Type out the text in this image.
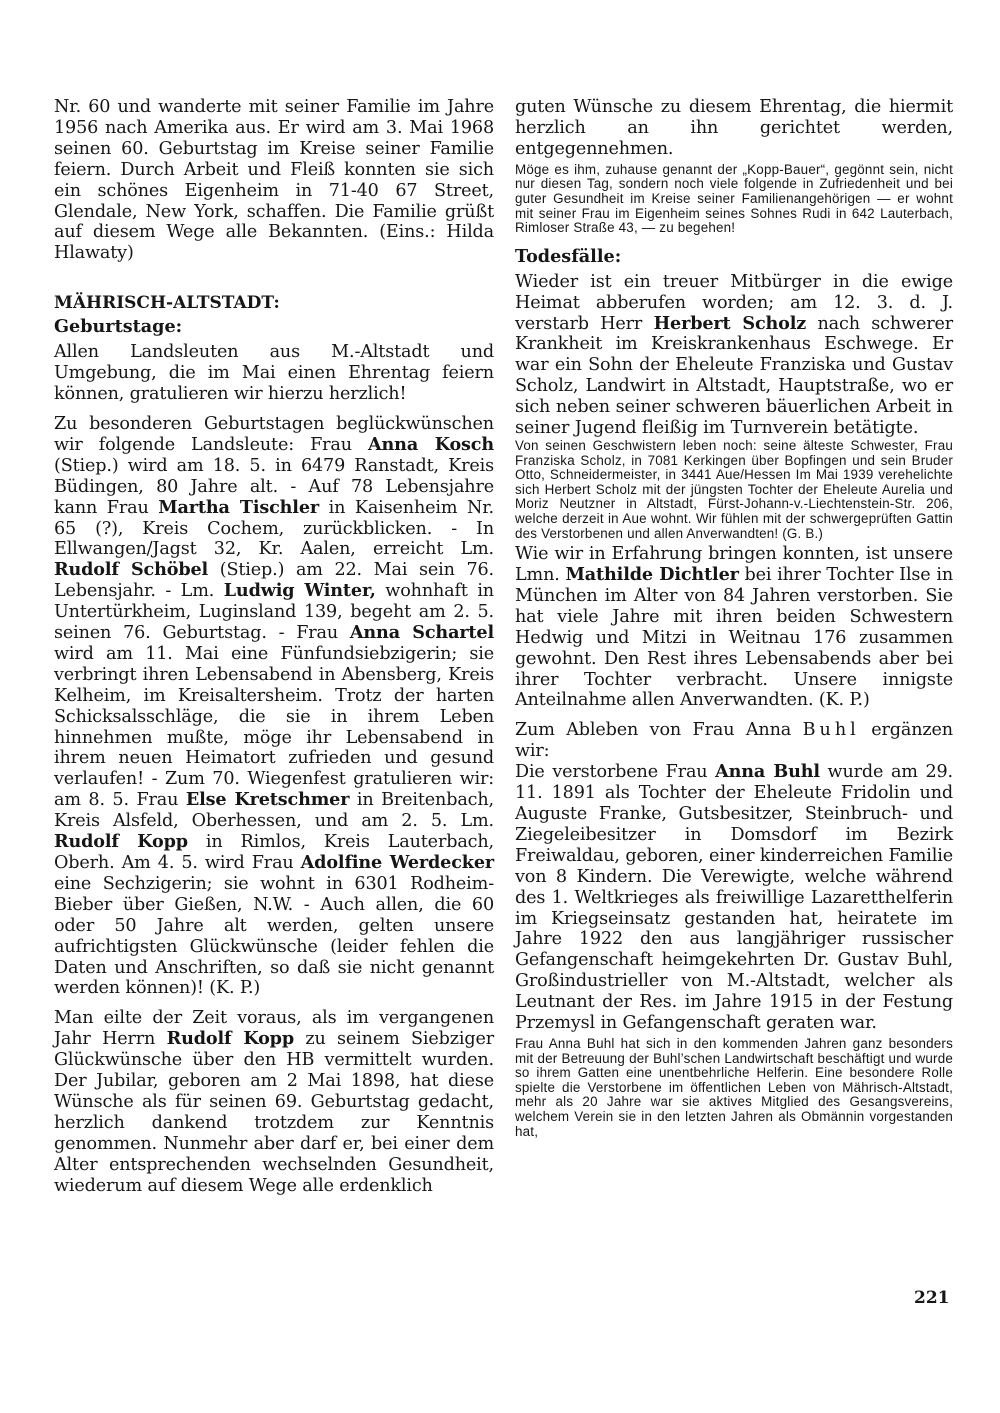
Nr. 60 und wanderte mit seiner Familie im Jahre 1956 nach Amerika aus. Er wird am 3. Mai 1968 seinen 60. Geburtstag im Kreise seiner Familie feiern. Durch Arbeit und Fleiß konnten sie sich ein schönes Eigenheim in 71-40 67 Street, Glendale, New York, schaffen. Die Familie grüßt auf diesem Wege alle Bekannten. (Eins.: Hilda Hlawaty)

MÄHRISCH-ALTSTADT:
Geburtstage:

Allen Landsleuten aus M.-Altstadt und Umgebung, die im Mai einen Ehrentag feiern können, gratulieren wir hierzu herzlich!

Zu besonderen Geburtstagen beglückwünschen wir folgende Landsleute: Frau Anna Kosch (Stiep.) wird am 18. 5. in 6479 Ranstadt, Kreis Büdingen, 80 Jahre alt. - Auf 78 Lebensjahre kann Frau Martha Tischler in Kaisenheim Nr. 65 (?), Kreis Cochem, zurückblicken. - In Ellwangen/Jagst 32, Kr. Aalen, erreicht Lm. Rudolf Schöbel (Stiep.) am 22. Mai sein 76. Lebensjahr. - Lm. Ludwig Winter, wohnhaft in Untertürkheim, Luginsland 139, begeht am 2. 5. seinen 76. Geburtstag. - Frau Anna Schartel wird am 11. Mai eine Fünfundsiebzigerin; sie verbringt ihren Lebensabend in Abensberg, Kreis Kelheim, im Kreisaltersheim. Trotz der harten Schicksalsschläge, die sie in ihrem Leben hinnehmen mußte, möge ihr Lebensabend in ihrem neuen Heimatort zufrieden und gesund verlaufen! - Zum 70. Wiegenfest gratulieren wir: am 8. 5. Frau Else Kretschmer in Breitenbach, Kreis Alsfeld, Oberhessen, und am 2. 5. Lm. Rudolf Kopp in Rimlos, Kreis Lauterbach, Oberh. Am 4. 5. wird Frau Adolfine Werdecker eine Sechzigerin; sie wohnt in 6301 Rodheim-Bieber über Gießen, N.W. - Auch allen, die 60 oder 50 Jahre alt werden, gelten unsere aufrichtigsten Glückwünsche (leider fehlen die Daten und Anschriften, so daß sie nicht genannt werden können)! (K. P.)

Man eilte der Zeit voraus, als im vergangenen Jahr Herrn Rudolf Kopp zu seinem Siebziger Glückwünsche über den HB vermittelt wurden. Der Jubilar, geboren am 2 Mai 1898, hat diese Wünsche als für seinen 69. Geburtstag gedacht, herzlich dankend trotzdem zur Kenntnis genommen. Nunmehr aber darf er, bei einer dem Alter entsprechenden wechselnden Gesundheit, wiederum auf diesem Wege alle erdenklich

guten Wünsche zu diesem Ehrentag, die hiermit herzlich an ihn gerichtet werden, entgegennehmen.

Möge es ihm, zuhause genannt der „Kopp-Bauer“, gegönnt sein, nicht nur diesen Tag, sondern noch viele folgende in Zufriedenheit und bei guter Gesundheit im Kreise seiner Familienangehörigen — er wohnt mit seiner Frau im Eigenheim seines Sohnes Rudi in 642 Lauterbach, Rimloser Straße 43, — zu begehen!

Todesfälle:

Wieder ist ein treuer Mitbürger in die ewige Heimat abberufen worden; am 12. 3. d. J. verstarb Herr Herbert Scholz nach schwerer Krankheit im Kreiskrankenhaus Eschwege. Er war ein Sohn der Eheleute Franziska und Gustav Scholz, Landwirt in Altstadt, Hauptstraße, wo er sich neben seiner schweren bäuerlichen Arbeit in seiner Jugend fleißig im Turnverein betätigte.

Von seinen Geschwistern leben noch: seine älteste Schwester, Frau Franziska Scholz, in 7081 Kerkingen über Bopfingen und sein Bruder Otto, Schneidermeister, in 3441 Aue/Hessen Im Mai 1939 verehelichte sich Herbert Scholz mit der jüngsten Tochter der Eheleute Aurelia und Moriz Neutzner in Altstadt, Fürst-Johann-v.-Liechtenstein-Str. 206, welche derzeit in Aue wohnt. Wir fühlen mit der schwergeprüften Gattin des Verstorbenen und allen Anverwandten! (G. B.)

Wie wir in Erfahrung bringen konnten, ist unsere Lmn. Mathilde Dichtler bei ihrer Tochter Ilse in München im Alter von 84 Jahren verstorben. Sie hat viele Jahre mit ihren beiden Schwestern Hedwig und Mitzi in Weitnau 176 zusammen gewohnt. Den Rest ihres Lebensabends aber bei ihrer Tochter verbracht. Unsere innigste Anteilnahme allen Anverwandten. (K. P.)

Zum Ableben von Frau Anna Buhl ergänzen wir:

Die verstorbene Frau Anna Buhl wurde am 29. 11. 1891 als Tochter der Eheleute Fridolin und Auguste Franke, Gutsbesitzer, Steinbruch- und Ziegeleibesitzer in Domsdorf im Bezirk Freiwaldau, geboren, einer kinderreichen Familie von 8 Kindern. Die Verewigte, welche während des 1. Weltkrieges als freiwillige Lazaretthelferin im Kriegseinsatz gestanden hat, heiratete im Jahre 1922 den aus langjähriger russischer Gefangenschaft heimgekehrten Dr. Gustav Buhl, Großindustrieller von M.-Altstadt, welcher als Leutnant der Res. im Jahre 1915 in der Festung Przemysl in Gefangenschaft geraten war.

Frau Anna Buhl hat sich in den kommenden Jahren ganz besonders mit der Betreuung der Buhl’schen Landwirtschaft beschäftigt und wurde so ihrem Gatten eine unentbehrliche Helferin. Eine besondere Rolle spielte die Verstorbene im öffentlichen Leben von Mährisch-Altstadt, mehr als 20 Jahre war sie aktives Mitglied des Gesangsvereins, welchem Verein sie in den letzten Jahren als Obmännin vorgestanden hat,

221
